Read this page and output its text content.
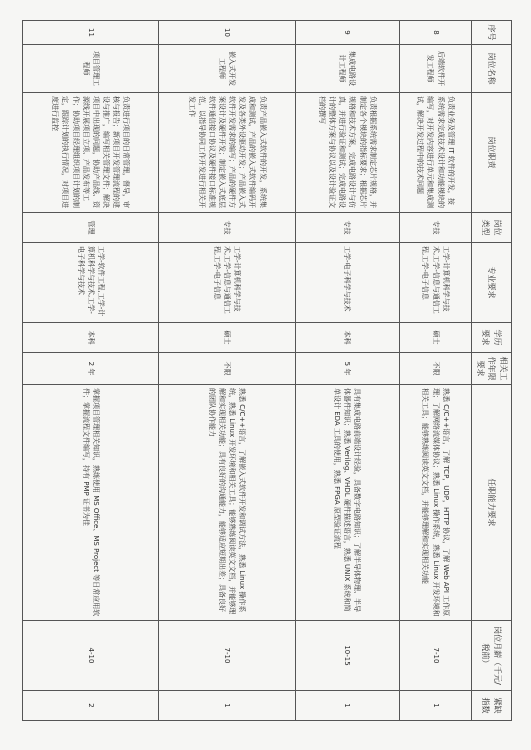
序号	岗位名称	岗位职责	岗位类型	专业要求	学历要求	相关工作年限要求	任职能力要求	岗位月薪（千元/税前）	紧缺指数
8	后端软件开发工程师	负责业务及管理 IT 软件的开发，按系统需求完成技术设计和功能模块的编写，对开发内容进行单元和集成测试，解决开发过程中的技术问题	专技	工学-计算机科学与技术,工学-信息与通信工程,工学-电子信息	硕士	不限	熟悉 C/C++语言，了解 TCP，UDP，HTTP 协议，了解 Web API 工作原理；了解网络流媒体协议；熟悉 Linux 操作系统，熟悉 Linux 开发环境和相关工具；能够熟练阅读英文文档，并能够理解和实现相关功能	7-10	1
9	集成电路设计工程师	负责根据系统需求制定芯片规格，并制定各个模块的指标要求；根据芯片规格和技术方案，完成电路设计与仿真，并进行验证和测试；完成电路设计的整体方案与协议以及设计验证文档的撰写	专技	工学-电子科学与技术	本科	5 年	具有集成电路前端设计经验，具备数字电路知识；了解半导体物理、半导体器件知识；熟悉 Verilog、VHDL 硬件描述语言，熟悉 UNIX 系统和简单设计 EDA 工具的使用，熟悉 FPGA 原型验证流程	10-15	1
10	嵌入式开发工程师	负责产品嵌入式软件的开发，系统集成和测试，产品的嵌入式软件编码开发及各类外设驱动开发；产品嵌入式软件开发需求的编写；产品的硬件方案设计及硬件开发；制定嵌入式底层软件通信接口协议及硬件接口标准规范，以指导协同工作开发进行相关开发工作	专技	工学-计算机科学与技术,工学-信息与通信工程,工学-电子信息	硕士	不限	熟悉 C/C++语言，了解嵌入式软件开发和调试方法，熟悉 Linux 操作系统，熟悉 Linux 开发环境和相关工具；能够熟练阅读英文文档，并能够理解和实现相关功能；具有良好的沟通能力，能够适应短期出差；具备良好的团队协作能力	7-10	1
11	项目管理工程师	负责进行项目的日常管理，督导，审核与报告；新项目开发管理流程的建设与推广，编写相关管理文件；解决项目中出现的问题，协助产品线、资源线开展项目立项、产品发布等工作；协助项目经理组织项目计划的制定，跟踪计划的执行情况，对项目进度进行监控	管理	工学-软件工程,工学-计算机科学与技术,工学-电子科学与技术	本科	2 年	掌握项目管理相关知识，熟练使用 MS Office、MS Project 等日常应用软件；掌握流程文件编写，持有 PMP 证书为佳	4-10	2
